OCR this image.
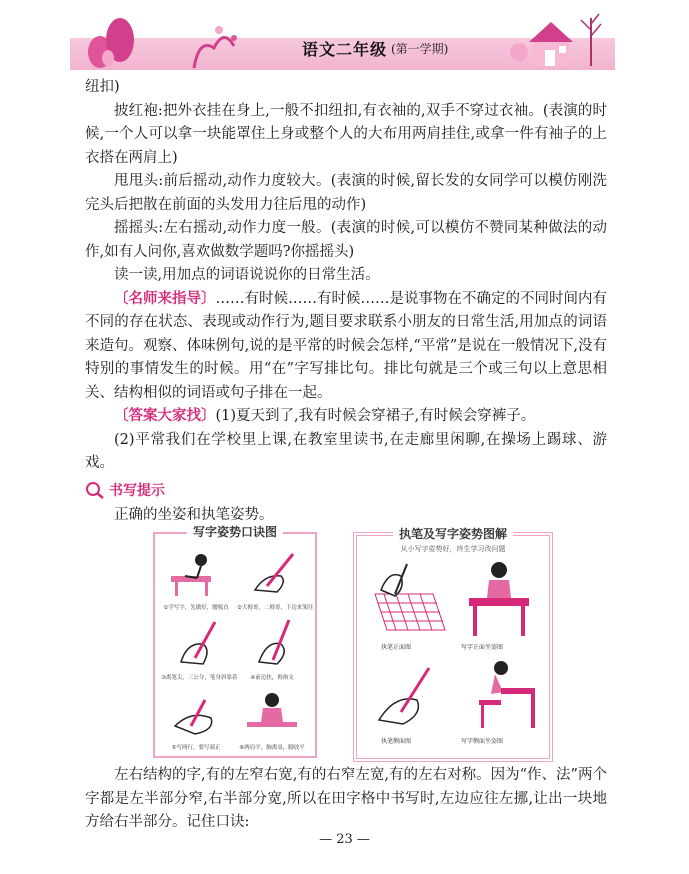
语文二年级 (第一学期)

纽扣)

披红袍:把外衣挂在身上,一般不扣纽扣,有衣袖的,双手不穿过衣袖。(表演的时候,一个人可以拿一块能罩住上身或整个人的大布用两肩挂住,或拿一件有袖子的上衣搭在两肩上)

甩甩头:前后摇动,动作力度较大。(表演的时候,留长发的女同学可以模仿刚洗完头后把散在前面的头发用力往后甩的动作)

摇摇头:左右摇动,动作力度一般。(表演的时候,可以模仿不赞同某种做法的动作,如有人问你,喜欢做数学题吗?你摇摇头)

读一读,用加点的词语说说你的日常生活。

〔名师来指导〕……有时候……有时候……是说事物在不确定的不同时间内有不同的存在状态、表现或动作行为,题目要求联系小朋友的日常生活,用加点的词语来造句。观察、体味例句,说的是平常的时候会怎样,“平常”是说在一般情况下,没有特别的事情发生的时候。用“在”字写排比句。排比句就是三个或三句以上意思相关、结构相似的词语或句子排在一起。

〔答案大家找〕(1)夏天到了,我有时候会穿裙子,有时候会穿裤子。

(2)平常我们在学校里上课,在教室里读书,在走廊里闲聊,在操场上踢球、游戏。

书写提示

正确的坐姿和执笔姿势。

写字姿势口诀图
①学写字，先做好，腰板直	②大拇哥，二拇哥，下边来架住
③离笔尖，三公分，笔身斜靠着	④前边扶，拇指支
⑤写两行，要写端正	⑥两肩平，胸离桌，脚放平
执笔及写字姿势图解
从小写字姿势好，终生学习改问题
执笔正面图	写字正面坐姿图
执笔侧面图	写字侧面坐姿图

左右结构的字,有的左窄右宽,有的右窄左宽,有的左右对称。因为“作、法”两个字都是左半部分窄,右半部分宽,所以在田字格中书写时,左边应往左挪,让出一块地方给右半部分。记住口诀:

— 23 —
